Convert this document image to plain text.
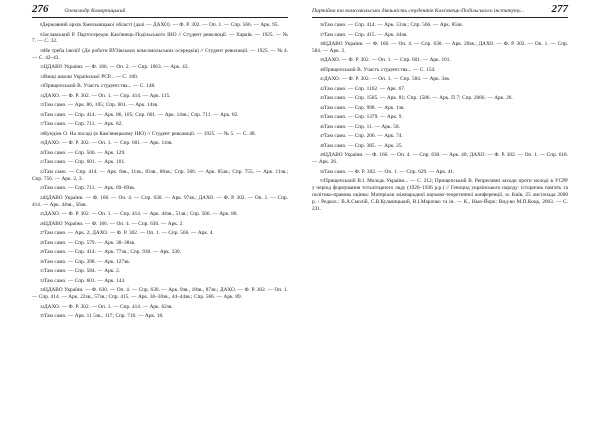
276	Олександр Комарницький

$^8$Державний архів Хмельницької області (далі — ДАХО). — Ф. Р. 302. — Оп. 1. — Спр. 566. — Арк. 95.

$^9$Заславський Р. Партосередок Кам'янець-Подільського ІНО // Студент революції. — Харків. — 1925. — № 7. — С. 32.

$^{10}$Не треба ілюзії! (До роботи ВУЗівських комсомольських осередків) // Студент революції. — 1925. — № 4. — С. 42–43.

$^{11}$ЦДАВО України. — Ф. 166. — Оп. 2. — Спр. 1063. — Арк. 43.

$^{12}$Вищі школи Української РСР... — С. 100.

$^{13}$Прищепський В. Участь студентства... — С. 148.

$^{14}$ДАХО. — Ф. Р. 302. — Оп. 1. — Спр. 414. — Арк. 115.

$^{15}$Там само. — Арк. 86, 105; Спр. 601. — Арк. 14зв.

$^{16}$Там само. — Спр. 414. — Арк. 86, 105; Спр. 601. — Арк. 14зв.; Спр. 711. — Арк. 82.

$^{17}$Там само. — Спр. 711. — Арк. 82.

$^{18}$Кундієв О. На посаді (в Кам'янецькому ІНО) // Студент революції. — 1925. — № 5. — С. 48.

$^{19}$ДАХО. — Ф. Р. 302. — Оп. 1. — Спр. 601. — Арк. 14зв.

$^{20}$Там само. — Спр. 566. — Арк. 129.

$^{21}$Там само. — Спр. 601. — Арк. 101.

$^{22}$Там само. — Спр. 414. — Арк. 8зв., 11зв., 83зв., 86зв.; Спр. 566. — Арк. 85зв.; Спр. 755. — Арк. 11зв.; Спр. 756. — Арк. 2, 3.

$^{23}$Там само. — Спр. 711. — Арк. 69–69зв.

$^{24}$ЦДАВО України. — Ф. 166. — Оп. 4. — Спр. 630. — Арк. 97зв.; ДАХО. — Ф. Р. 302. — Оп. 1. — Спр. 414. — Арк. 44зв., 56зв.

$^{25}$ДАХО. — Ф. Р. 302. — Оп. 1. — Спр. 414. — Арк. 44зв., 51зв.; Спр. 566. — Арк. 86.

$^{26}$ЦДАВО України. — Ф. 166. — Оп. 4. — Спр. 630. — Арк. 2.

$^{27}$Там само. — Арк. 2; ДАХО. — Ф. Р. 302. — Оп. 1. — Спр. 566. — Арк. 4.

$^{28}$Там само. — Спр. 579. — Арк. 38–38зв.

$^{29}$Там само. — Спр. 414. — Арк. 77зв.; Спр. 938. — Арк. 330.

$^{30}$Там само. — Спр. 398. — Арк. 127зв.

$^{31}$Там само. — Спр. 584. — Арк. 2.

$^{32}$Там само. — Спр. 601. — Арк. 143.

$^{33}$ЦДАВО України. — Ф. 630. — Оп. 4. — Спр. 630. — Арк. 8зв., 18зв., 87зв.; ДАХО. — Ф. Р. 302. — Оп. 1. — Спр. 414. — Арк. 22зв., 57зв.; Спр. 415. — Арк. 30–30зв., 44–44зв.; Спр. 566. — Арк. 89.

$^{34}$ДАХО. — Ф. Р. 302. — Оп. 1. — Спр. 414. — Арк. 62зв.

$^{35}$Там само. — Арк. 11 5зв., 117; Спр. 710. — Арк. 18.

Партійна та комсомольська діяльність студентів Кам'янець-Подільського інституту...	277

$^{36}$Там само. — Спр. 414. — Арк. 51зв.; Спр. 566. — Арк. 85зв.

$^{37}$Там само. — Спр. 415. — Арк. 44зв.

$^{38}$ЦДАВО України. — Ф. 166. — Оп. 4. — Спр. 630. — Арк. 20зв.; ДАХО. — Ф. Р. 302. — Оп. 1. — Спр. 584. — Арк. 2.

$^{39}$ДАХО. — Ф. Р. 302. — Оп. 1. — Спр. 601. — Арк. 101.

$^{40}$Прищепський В. Участь студентства... — С. 154.

$^{41}$ДАХО. — Ф. Р. 302. — Оп. 1. — Спр. 584. — Арк. 3зв.

$^{42}$Там само. — Спр. 1162. — Арк. 67.

$^{43}$Там само. — Спр. 1585. — Арк. 81; Спр. 1586. — Арк. П 7; Спр. 2066. — Арк. 26.

$^{44}$Там само. — Спр. 998. — Арк. 1зв.

$^{45}$Там само. — Спр. 1379. — Арк. 9.

$^{46}$Там само. — Спр. 11. — Арк. 58.

$^{47}$Там само. — Спр. 206. — Арк. 74.

$^{48}$Там само. — Спр. 385. — Арк. 25.

$^{49}$ЦДАВО України. — Ф. 166. — Оп. 4. — Спр. 630. — Арк. 40; ДАХО. — Ф. Р. 302. — Оп. 1. — Спр. 618. — Арк. 26.

$^{50}$Там само. — Ф. Р. 302. — Оп. 1. — Спр. 629. — Арк. 41.

$^{51}$Прищепський В.І. Молодь України... — С. 212; Прищепський В. Репресивні заходи проти молоді в УСРР у період формування тоталітарного ладу (1920–1936 р.р.) // Геноцид українського народу: історична пам'ять та політико-правова оцінка: Матеріали міжнародної науково-теоретичної конференції, м. Київ, 25 листопада 2000 р. / Редкол.: В.А.Смолій, С.В.Кульчицький, В.І.Марочко та ін. — К., Нью-Йорк: Вид-во М.П.Коць, 2003. — С. 231.
